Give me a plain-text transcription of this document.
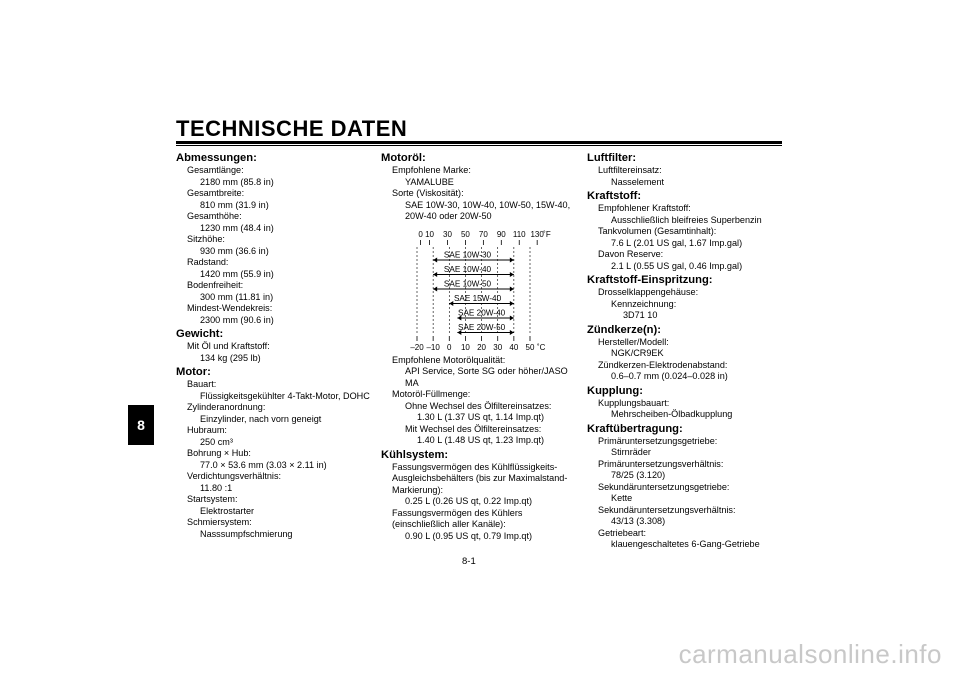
TECHNISCHE DATEN
8
Abmessungen:
Gesamtlänge:
2180 mm (85.8 in)
Gesamtbreite:
810 mm (31.9 in)
Gesamthöhe:
1230 mm (48.4 in)
Sitzhöhe:
930 mm (36.6 in)
Radstand:
1420 mm (55.9 in)
Bodenfreiheit:
300 mm (11.81 in)
Mindest-Wendekreis:
2300 mm (90.6 in)
Gewicht:
Mit Öl und Kraftstoff:
134 kg (295 lb)
Motor:
Bauart:
Flüssigkeitsgekühlter 4-Takt-Motor, DOHC
Zylinderanordnung:
Einzylinder, nach vorn geneigt
Hubraum:
250 cm³
Bohrung × Hub:
77.0 × 53.6 mm (3.03 × 2.11 in)
Verdichtungsverhältnis:
11.80 :1
Startsystem:
Elektrostarter
Schmiersystem:
Nasssumpfschmierung
Motoröl:
Empfohlene Marke:
YAMALUBE
Sorte (Viskosität):
SAE 10W-30, 10W-40, 10W-50, 15W-40,
20W-40 oder 20W-50
0 10 30 50 70 90 110 130 ˚F
–20 –10 0 10 20 30 40 50 ˚C
SAE 10W-30
SAE 10W-40
SAE 10W-50
SAE 15W-40
SAE 20W-40
SAE 20W-50
Empfohlene Motorölqualität:
API Service, Sorte SG oder höher/JASO
MA
Motoröl-Füllmenge:
Ohne Wechsel des Ölfiltereinsatzes:
1.30 L (1.37 US qt, 1.14 Imp.qt)
Mit Wechsel des Ölfiltereinsatzes:
1.40 L (1.48 US qt, 1.23 Imp.qt)
Kühlsystem:
Fassungsvermögen des Kühlflüssigkeits-
Ausgleichsbehälters (bis zur Maximalstand-
Markierung):
0.25 L (0.26 US qt, 0.22 Imp.qt)
Fassungsvermögen des Kühlers
(einschließlich aller Kanäle):
0.90 L (0.95 US qt, 0.79 Imp.qt)
Luftfilter:
Luftfiltereinsatz:
Nasselement
Kraftstoff:
Empfohlener Kraftstoff:
Ausschließlich bleifreies Superbenzin
Tankvolumen (Gesamtinhalt):
7.6 L (2.01 US gal, 1.67 Imp.gal)
Davon Reserve:
2.1 L (0.55 US gal, 0.46 Imp.gal)
Kraftstoff-Einspritzung:
Drosselklappengehäuse:
Kennzeichnung:
3D71 10
Zündkerze(n):
Hersteller/Modell:
NGK/CR9EK
Zündkerzen-Elektrodenabstand:
0.6–0.7 mm (0.024–0.028 in)
Kupplung:
Kupplungsbauart:
Mehrscheiben-Ölbadkupplung
Kraftübertragung:
Primäruntersetzungsgetriebe:
Stirnräder
Primäruntersetzungsverhältnis:
78/25 (3.120)
Sekundäruntersetzungsgetriebe:
Kette
Sekundäruntersetzungsverhältnis:
43/13 (3.308)
Getriebeart:
klauengeschaltetes 6-Gang-Getriebe
8-1
carmanualsonline.info
